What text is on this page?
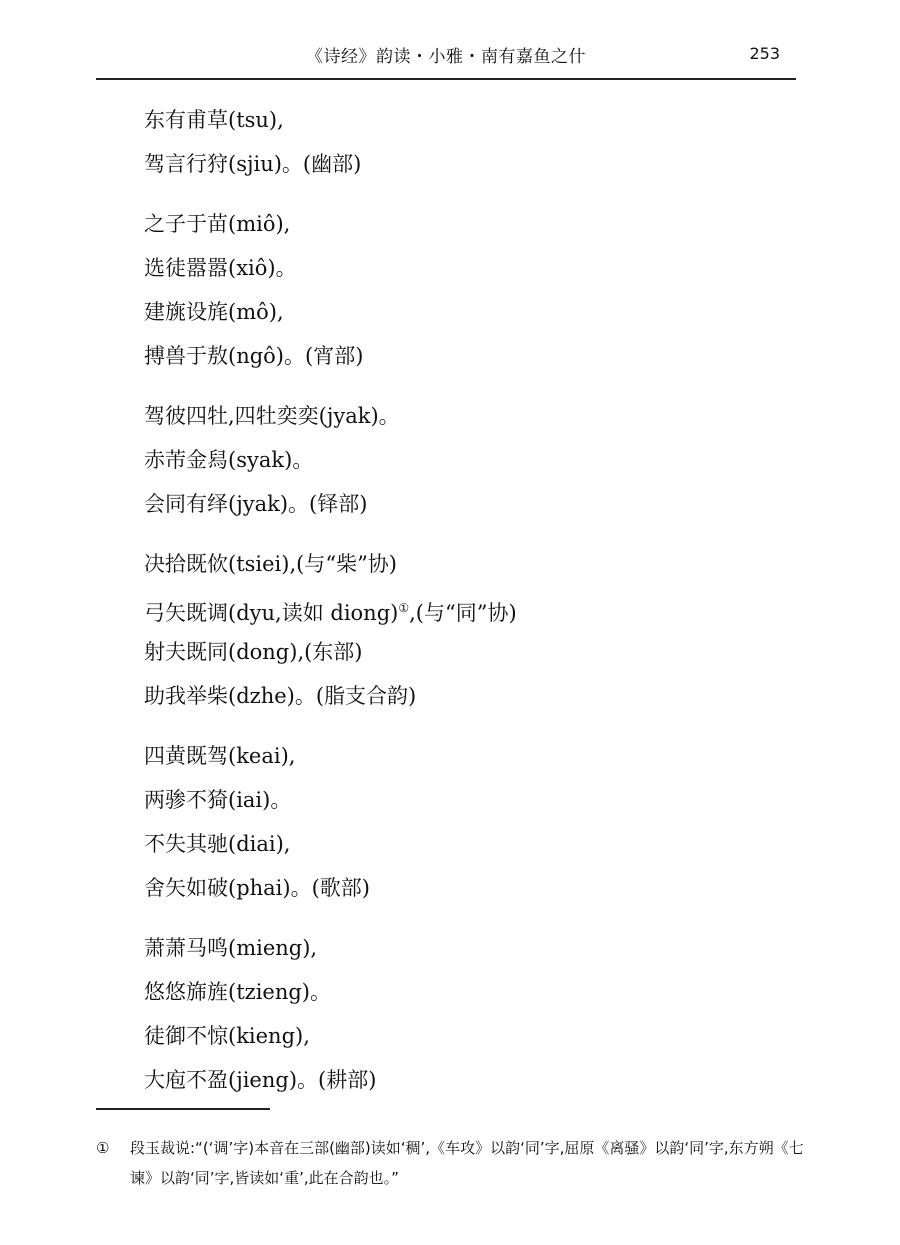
《诗经》韵读・小雅・南有嘉鱼之什	253
东有甫草(tsu),
驾言行狩(sjiu)。(幽部)
之子于苗(miô),
选徒嚣嚣(xiô)。
建旐设旄(mô),
搏兽于敖(ngô)。(宵部)
驾彼四牡,四牡奕奕(jyak)。
赤芾金舄(syak)。
会同有绎(jyak)。(铎部)
决拾既佽(tsiei),(与“柴”协)
弓矢既调(dyu,读如 diong)①,(与“同”协)
射夫既同(dong),(东部)
助我举柴(dzhe)。(脂支合韵)
四黄既驾(keai),
两骖不猗(iai)。
不失其驰(diai),
舍矢如破(phai)。(歌部)
萧萧马鸣(mieng),
悠悠旆旌(tzieng)。
徒御不惊(kieng),
大庖不盈(jieng)。(耕部)
① 段玉裁说:“(‘调’字)本音在三部(幽部)读如‘稠’,《车攻》以韵‘同’字,屈原《离骚》以韵‘同’字,东方朔《七谏》以韵‘同’字,皆读如‘重’,此在合韵也。”
